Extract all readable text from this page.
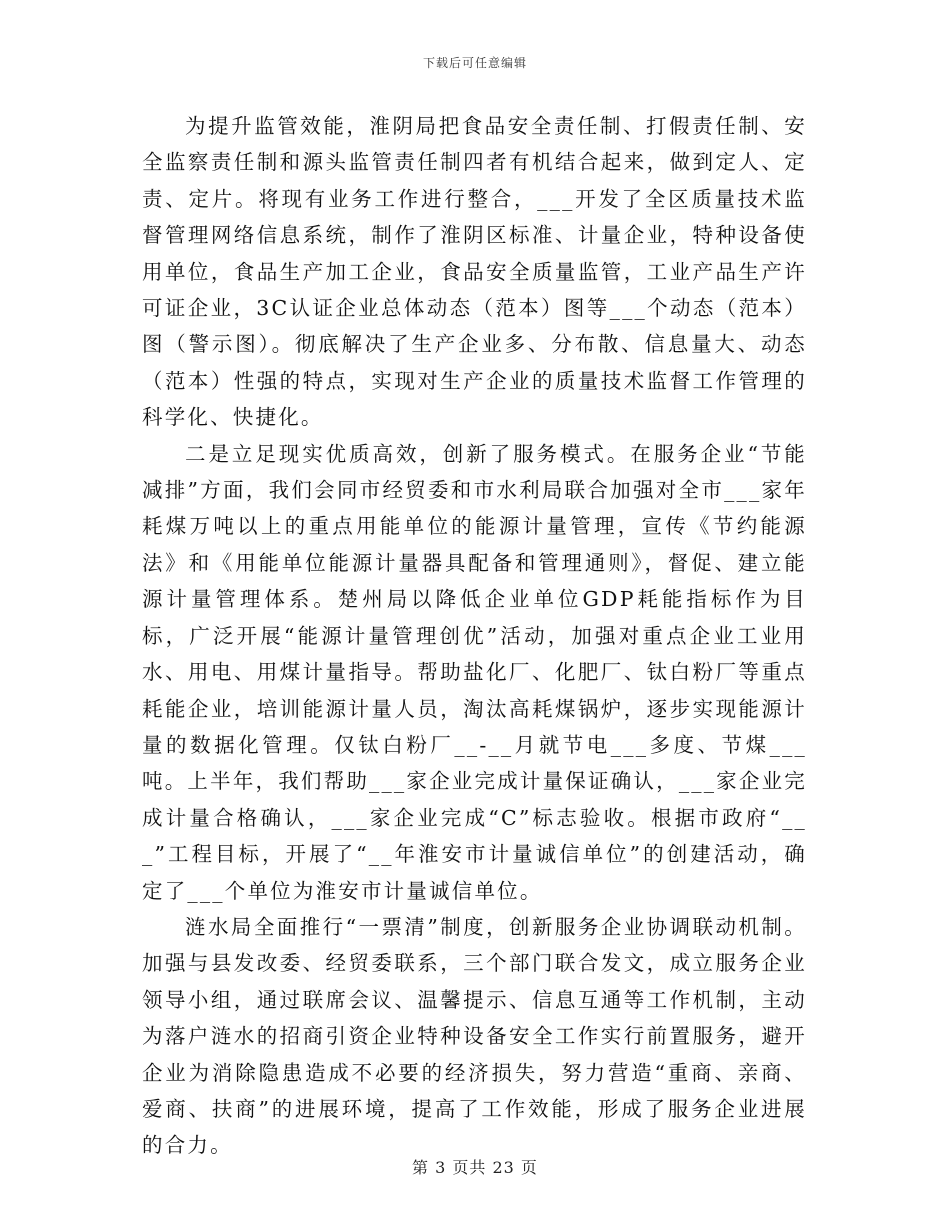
下载后可任意编辑

为提升监管效能，淮阴局把食品安全责任制、打假责任制、安全监察责任制和源头监管责任制四者有机结合起来，做到定人、定责、定片。将现有业务工作进行整合，___开发了全区质量技术监督管理网络信息系统，制作了淮阴区标准、计量企业，特种设备使用单位，食品生产加工企业，食品安全质量监管，工业产品生产许可证企业，3C认证企业总体动态（范本）图等___个动态（范本）图（警示图）。彻底解决了生产企业多、分布散、信息量大、动态（范本）性强的特点，实现对生产企业的质量技术监督工作管理的科学化、快捷化。

二是立足现实优质高效，创新了服务模式。在服务企业“节能减排”方面，我们会同市经贸委和市水利局联合加强对全市___家年耗煤万吨以上的重点用能单位的能源计量管理，宣传《节约能源法》和《用能单位能源计量器具配备和管理通则》，督促、建立能源计量管理体系。楚州局以降低企业单位GDP耗能指标作为目标，广泛开展“能源计量管理创优”活动，加强对重点企业工业用水、用电、用煤计量指导。帮助盐化厂、化肥厂、钛白粉厂等重点耗能企业，培训能源计量人员，淘汰高耗煤锅炉，逐步实现能源计量的数据化管理。仅钛白粉厂__-__月就节电___多度、节煤___吨。上半年，我们帮助___家企业完成计量保证确认，___家企业完成计量合格确认，___家企业完成“C”标志验收。根据市政府“___”工程目标，开展了“__年淮安市计量诚信单位”的创建活动，确定了___个单位为淮安市计量诚信单位。

涟水局全面推行“一票清”制度，创新服务企业协调联动机制。加强与县发改委、经贸委联系，三个部门联合发文，成立服务企业领导小组，通过联席会议、温馨提示、信息互通等工作机制，主动为落户涟水的招商引资企业特种设备安全工作实行前置服务，避开企业为消除隐患造成不必要的经济损失，努力营造“重商、亲商、爱商、扶商”的进展环境，提高了工作效能，形成了服务企业进展的合力。

第 3 页共 23 页
